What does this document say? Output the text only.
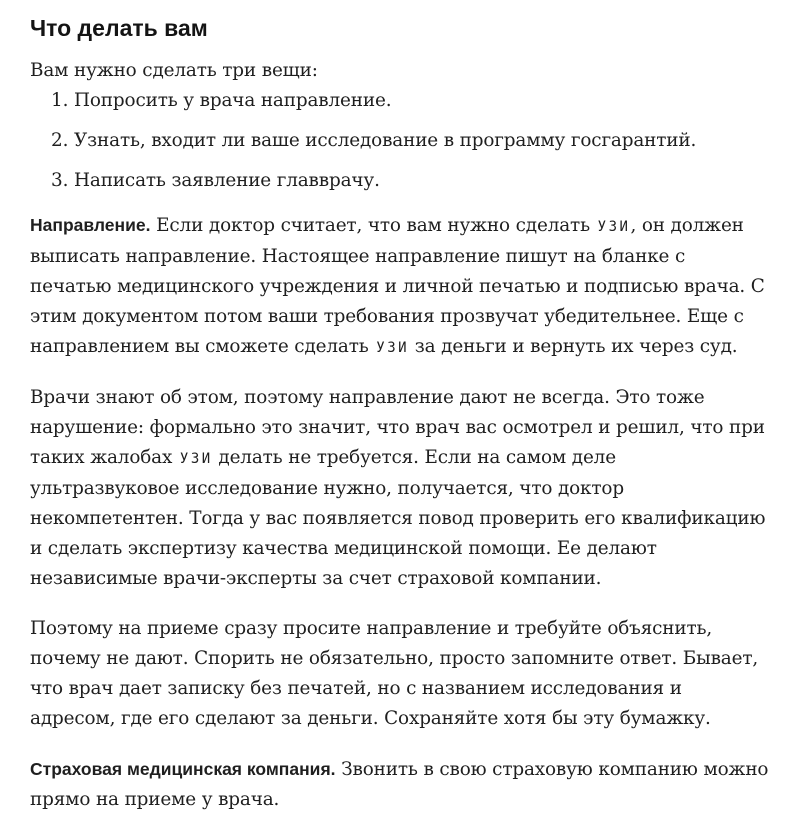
Что делать вам

Вам нужно сделать три вещи:

1. Попросить у врача направление.
2. Узнать, входит ли ваше исследование в программу госгарантий.
3. Написать заявление главврачу.

Направление. Если доктор считает, что вам нужно сделать УЗИ, он должен выписать направление. Настоящее направление пишут на бланке с печатью медицинского учреждения и личной печатью и подписью врача. С этим документом потом ваши требования прозвучат убедительнее. Еще с направлением вы сможете сделать УЗИ за деньги и вернуть их через суд.

Врачи знают об этом, поэтому направление дают не всегда. Это тоже нарушение: формально это значит, что врач вас осмотрел и решил, что при таких жалобах УЗИ делать не требуется. Если на самом деле ультразвуковое исследование нужно, получается, что доктор некомпетентен. Тогда у вас появляется повод проверить его квалификацию и сделать экспертизу качества медицинской помощи. Ее делают независимые врачи-эксперты за счет страховой компании.

Поэтому на приеме сразу просите направление и требуйте объяснить, почему не дают. Спорить не обязательно, просто запомните ответ. Бывает, что врач дает записку без печатей, но с названием исследования и адресом, где его сделают за деньги. Сохраняйте хотя бы эту бумажку.

Страховая медицинская компания. Звонить в свою страховую компанию можно прямо на приеме у врача.
